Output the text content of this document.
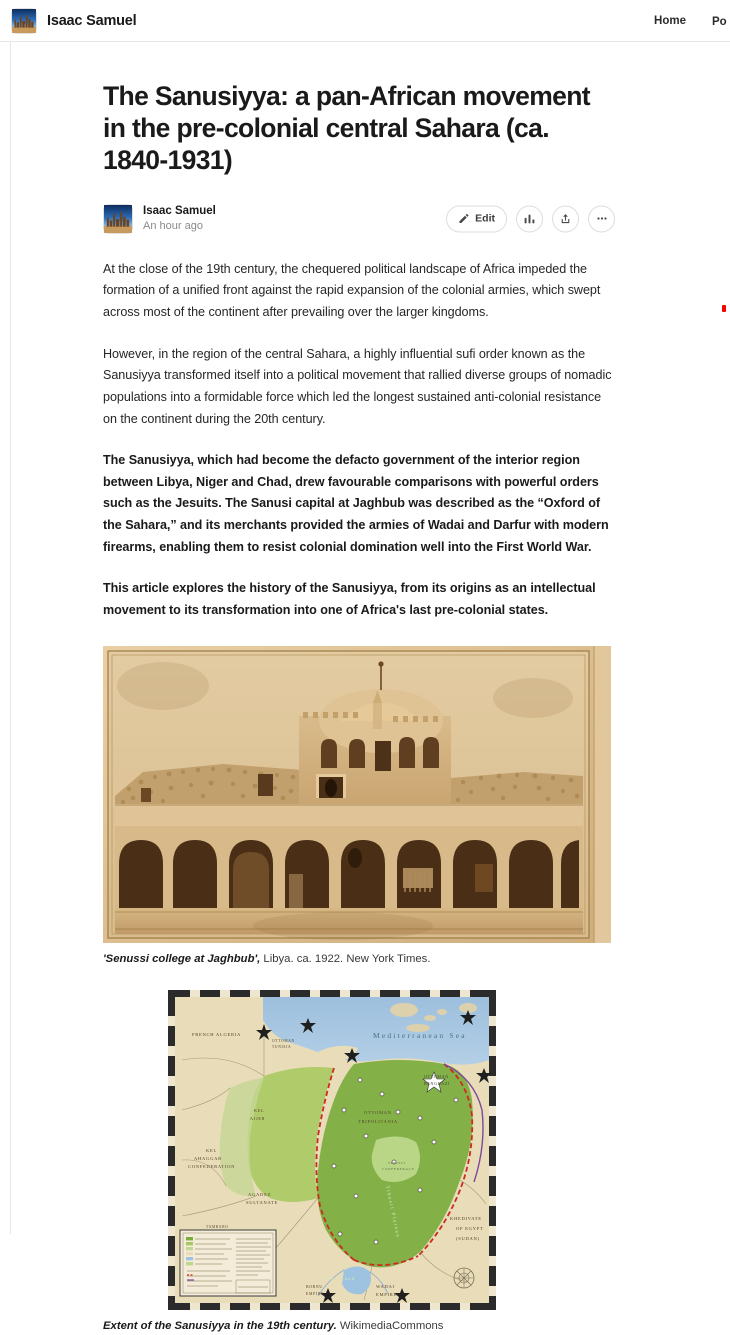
Isaac Samuel	Home Po
The Sanusiyya: a pan-African movement in the pre-colonial central Sahara (ca. 1840-1931)
Isaac Samuel
An hour ago
Edit

At the close of the 19th century, the chequered political landscape of Africa impeded the formation of a unified front against the rapid expansion of the colonial armies, which swept across most of the continent after prevailing over the larger kingdoms.

However, in the region of the central Sahara, a highly influential sufi order known as the Sanusiyya transformed itself into a political movement that rallied diverse groups of nomadic populations into a formidable force which led the longest sustained anti-colonial resistance on the continent during the 20th century.

The Sanusiyya, which had become the defacto government of the interior region between Libya, Niger and Chad, drew favourable comparisons with powerful orders such as the Jesuits. The Sanusi capital at Jaghbub was described as the “Oxford of the Sahara,” and its merchants provided the armies of Wadai and Darfur with modern firearms, enabling them to resist colonial domination well into the First World War.

This article explores the history of the Sanusiyya, from its origins as an intellectual movement to its transformation into one of Africa's last pre-colonial states.

'Senussi college at Jaghbub', Libya. ca. 1922. New York Times.
Mediterranean Sea
FRENCH ALGERIA
OTTOMAN
TUNISIA
OTTOMAN
TRIPOLITANIA
OTTOMAN
BENGHAZI
KEL
AJJER
KEL
AHAGGAR
CONFEDERATION
AGADEZ
SULTANATE
TAMBARO
Lake Tchad
Tibesti Plateau	KHEDIVATE
OF EGYPT
(SUDAN)
WADAI
EMPIRE
BORNU
EMPIRE
TIBESTI
CONFEDERACY
Extent of the Sanusiyya in the 19th century. WikimediaCommons
